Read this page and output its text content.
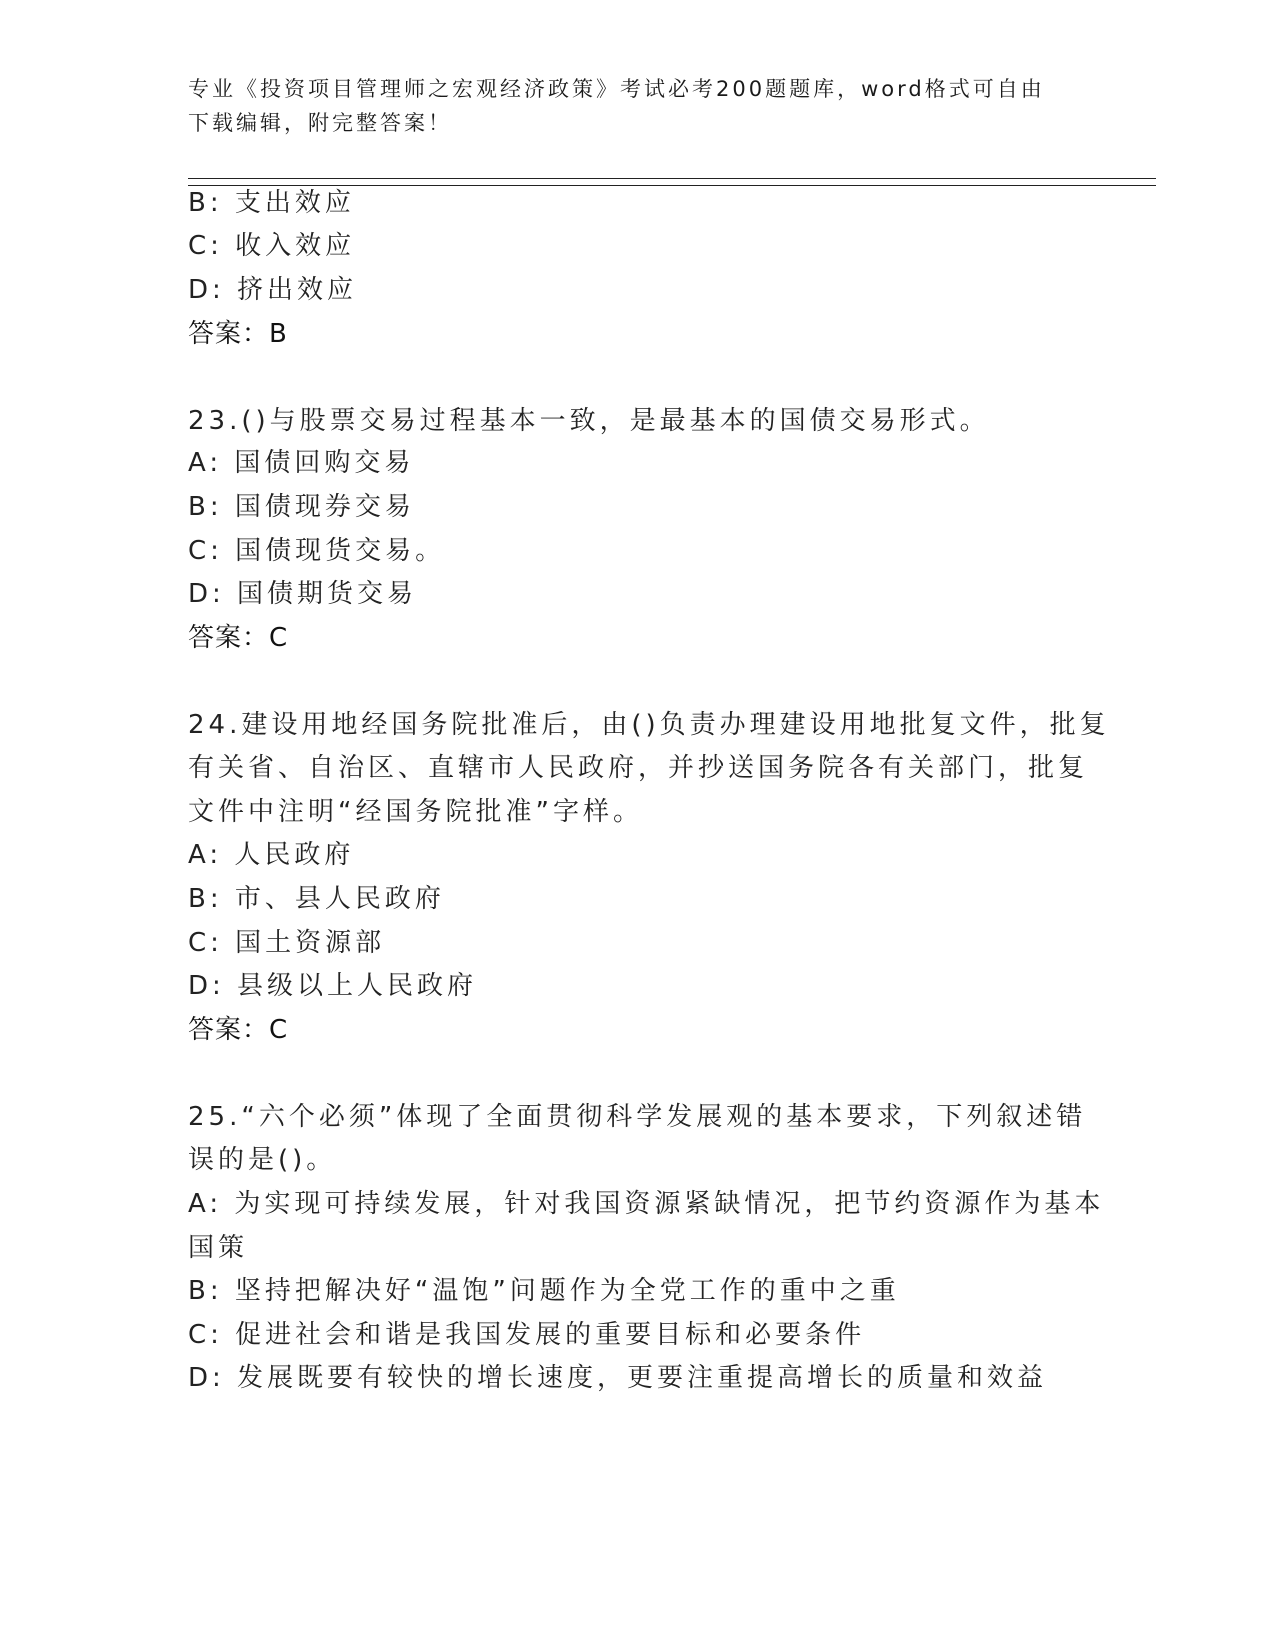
专业《投资项目管理师之宏观经济政策》考试必考200题题库，word格式可自由
下载编辑，附完整答案！
B: 支出效应
C: 收入效应
D: 挤出效应
答案：B
23.()与股票交易过程基本一致，是最基本的国债交易形式。
A: 国债回购交易
B: 国债现券交易
C: 国债现货交易。
D: 国债期货交易
答案：C
24.建设用地经国务院批准后，由()负责办理建设用地批复文件，批复
有关省、自治区、直辖市人民政府，并抄送国务院各有关部门，批复
文件中注明“经国务院批准”字样。
A: 人民政府
B: 市、县人民政府
C: 国土资源部
D: 县级以上人民政府
答案：C
25.“六个必须”体现了全面贯彻科学发展观的基本要求，下列叙述错
误的是()。
A: 为实现可持续发展，针对我国资源紧缺情况，把节约资源作为基本
国策
B: 坚持把解决好“温饱”问题作为全党工作的重中之重
C: 促进社会和谐是我国发展的重要目标和必要条件
D: 发展既要有较快的增长速度，更要注重提高增长的质量和效益
